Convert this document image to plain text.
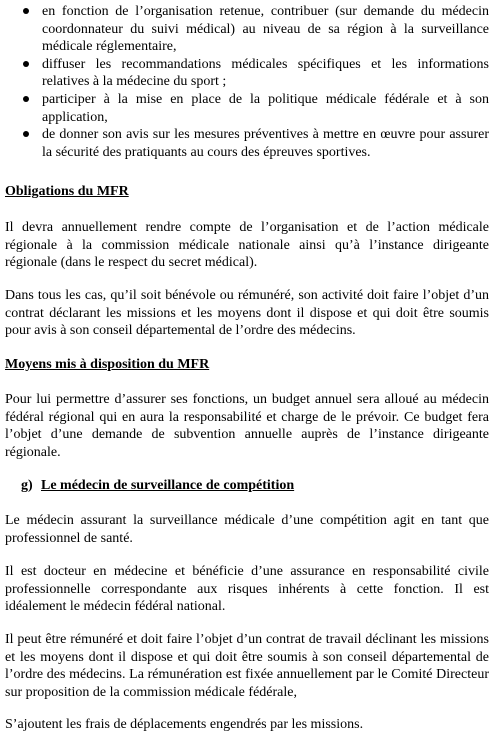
en fonction de l’organisation retenue, contribuer (sur demande du médecin coordonnateur du suivi médical) au niveau de sa région à la surveillance médicale réglementaire,
diffuser les recommandations médicales spécifiques et les informations relatives à la médecine du sport ;
participer à la mise en place de la politique médicale fédérale et à son application,
de donner son avis sur les mesures préventives à mettre en œuvre pour assurer la sécurité des pratiquants au cours des épreuves sportives.

Obligations du MFR

Il devra annuellement rendre compte de l’organisation et de l’action médicale régionale à la commission médicale nationale ainsi qu’à l’instance dirigeante régionale (dans le respect du secret médical).

Dans tous les cas, qu’il soit bénévole ou rémunéré, son activité doit faire l’objet d’un contrat déclarant les missions et les moyens dont il dispose et qui doit être soumis pour avis à son conseil départemental de l’ordre des médecins.

Moyens mis à disposition du MFR

Pour lui permettre d’assurer ses fonctions, un budget annuel sera alloué au médecin fédéral régional qui en aura la responsabilité et charge de le prévoir. Ce budget fera l’objet d’une demande de subvention annuelle auprès de l’instance dirigeante régionale.

g) Le médecin de surveillance de compétition

Le médecin assurant la surveillance médicale d’une compétition agit en tant que professionnel de santé.

Il est docteur en médecine et bénéficie d’une assurance en responsabilité civile professionnelle correspondante aux risques inhérents à cette fonction. Il est idéalement le médecin fédéral national.

Il peut être rémunéré et doit faire l’objet d’un contrat de travail déclinant les missions et les moyens dont il dispose et qui doit être soumis à son conseil départemental de l’ordre des médecins. La rémunération est fixée annuellement par le Comité Directeur sur proposition de la commission médicale fédérale,

S’ajoutent les frais de déplacements engendrés par les missions.
